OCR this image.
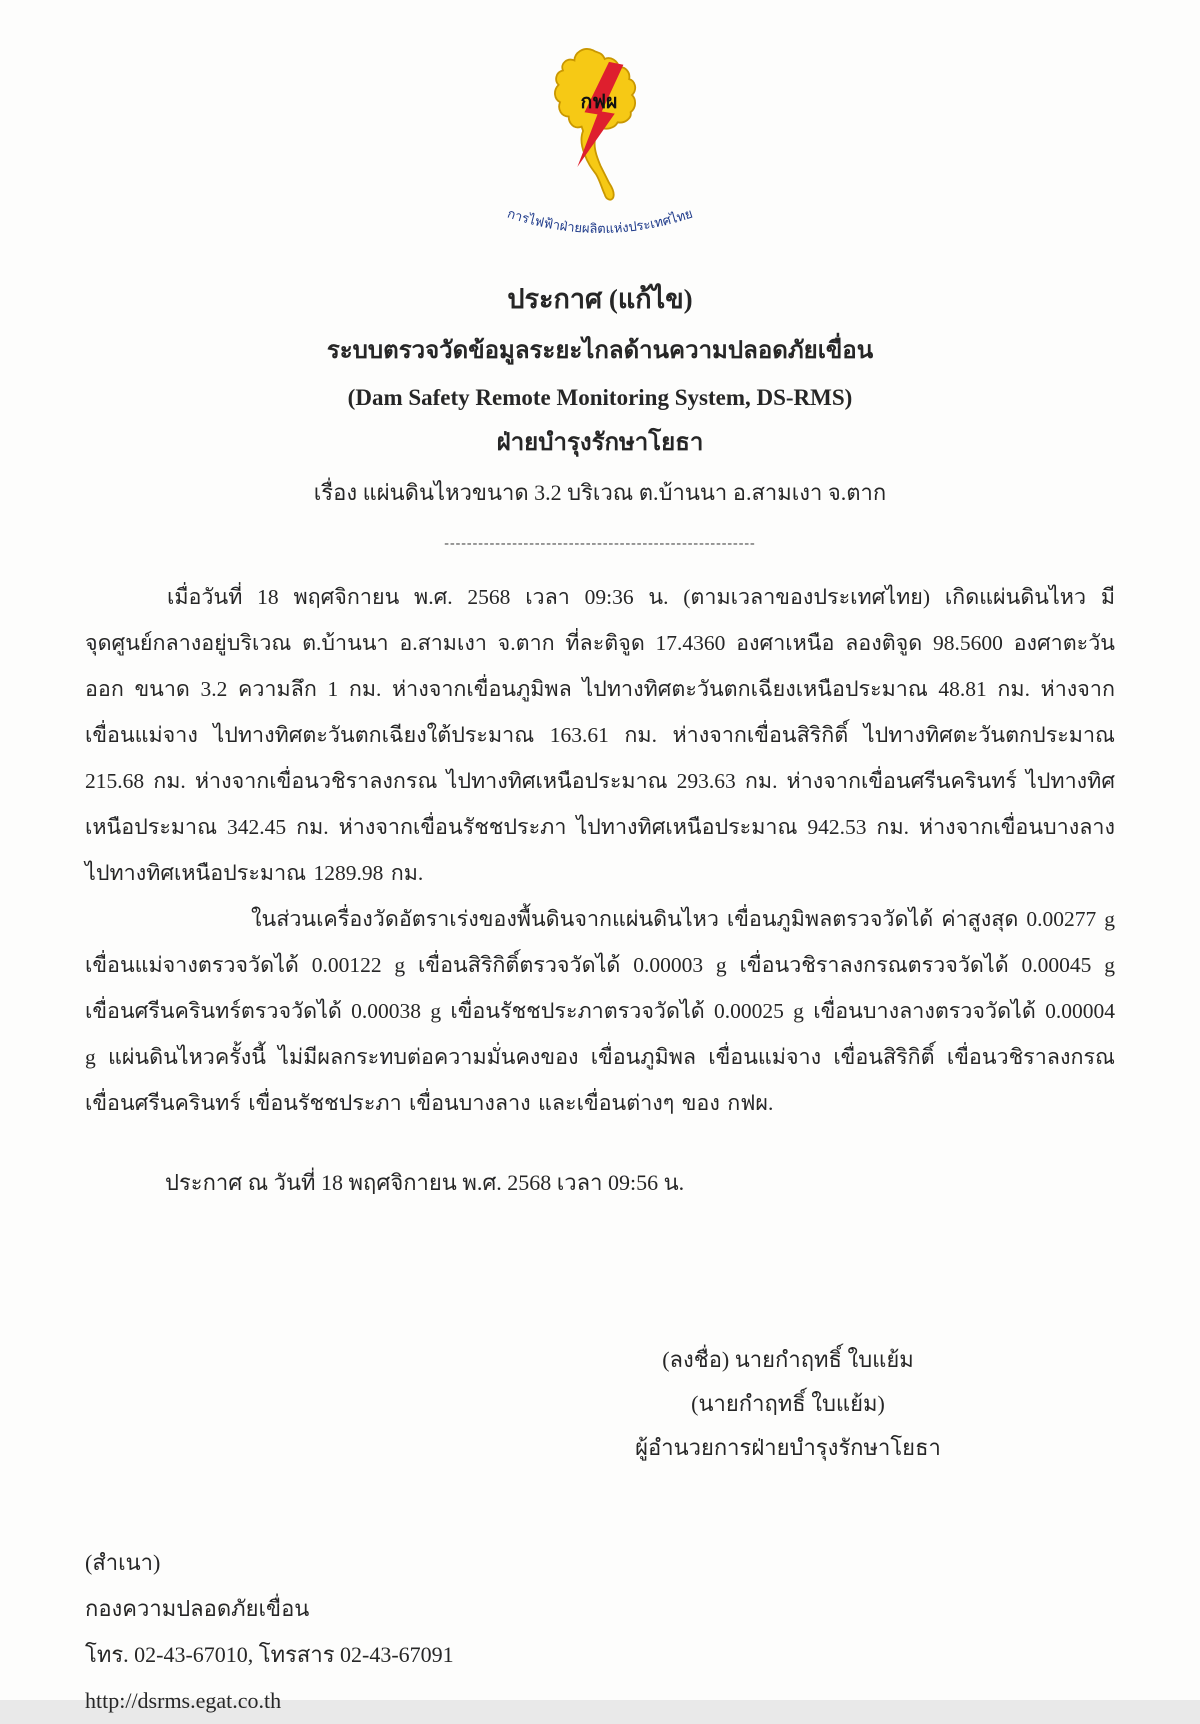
กฟผ
การไฟฟ้าฝ่ายผลิตแห่งประเทศไทย
ประกาศ (แก้ไข)
ระบบตรวจวัดข้อมูลระยะไกลด้านความปลอดภัยเขื่อน
(Dam Safety Remote Monitoring System, DS-RMS)
ฝ่ายบำรุงรักษาโยธา
เรื่อง แผ่นดินไหวขนาด 3.2 บริเวณ ต.บ้านนา อ.สามเงา จ.ตาก
-------------------------------------------------------

เมื่อวันที่ 18 พฤศจิกายน พ.ศ. 2568 เวลา 09:36 น. (ตามเวลาของประเทศไทย) เกิดแผ่นดินไหว มีจุดศูนย์กลางอยู่บริเวณ ต.บ้านนา อ.สามเงา จ.ตาก ที่ละติจูด 17.4360 องศาเหนือ ลองติจูด 98.5600 องศาตะวันออก ขนาด 3.2 ความลึก 1 กม. ห่างจากเขื่อนภูมิพล ไปทางทิศตะวันตกเฉียงเหนือประมาณ 48.81 กม. ห่างจากเขื่อนแม่จาง ไปทางทิศตะวันตกเฉียงใต้ประมาณ 163.61 กม. ห่างจากเขื่อนสิริกิติ์ ไปทางทิศตะวันตกประมาณ 215.68 กม. ห่างจากเขื่อนวชิราลงกรณ ไปทางทิศเหนือประมาณ 293.63 กม. ห่างจากเขื่อนศรีนครินทร์ ไปทางทิศเหนือประมาณ 342.45 กม. ห่างจากเขื่อนรัชชประภา ไปทางทิศเหนือประมาณ 942.53 กม. ห่างจากเขื่อนบางลาง ไปทางทิศเหนือประมาณ 1289.98 กม.

ในส่วนเครื่องวัดอัตราเร่งของพื้นดินจากแผ่นดินไหว เขื่อนภูมิพลตรวจวัดได้ ค่าสูงสุด 0.00277 g เขื่อนแม่จางตรวจวัดได้ 0.00122 g เขื่อนสิริกิติ์ตรวจวัดได้ 0.00003 g เขื่อนวชิราลงกรณตรวจวัดได้ 0.00045 g เขื่อนศรีนครินทร์ตรวจวัดได้ 0.00038 g เขื่อนรัชชประภาตรวจวัดได้ 0.00025 g เขื่อนบางลางตรวจวัดได้ 0.00004 g แผ่นดินไหวครั้งนี้ ไม่มีผลกระทบต่อความมั่นคงของ เขื่อนภูมิพล เขื่อนแม่จาง เขื่อนสิริกิติ์ เขื่อนวชิราลงกรณ เขื่อนศรีนครินทร์ เขื่อนรัชชประภา เขื่อนบางลาง และเขื่อนต่างๆ ของ กฟผ.

ประกาศ ณ วันที่ 18 พฤศจิกายน พ.ศ. 2568 เวลา 09:56 น.
(ลงชื่อ) นายกำฤทธิ์ ใบแย้ม
(นายกำฤทธิ์ ใบแย้ม)
ผู้อำนวยการฝ่ายบำรุงรักษาโยธา
(สำเนา)
กองความปลอดภัยเขื่อน
โทร. 02-43-67010, โทรสาร 02-43-67091
http://dsrms.egat.co.th
